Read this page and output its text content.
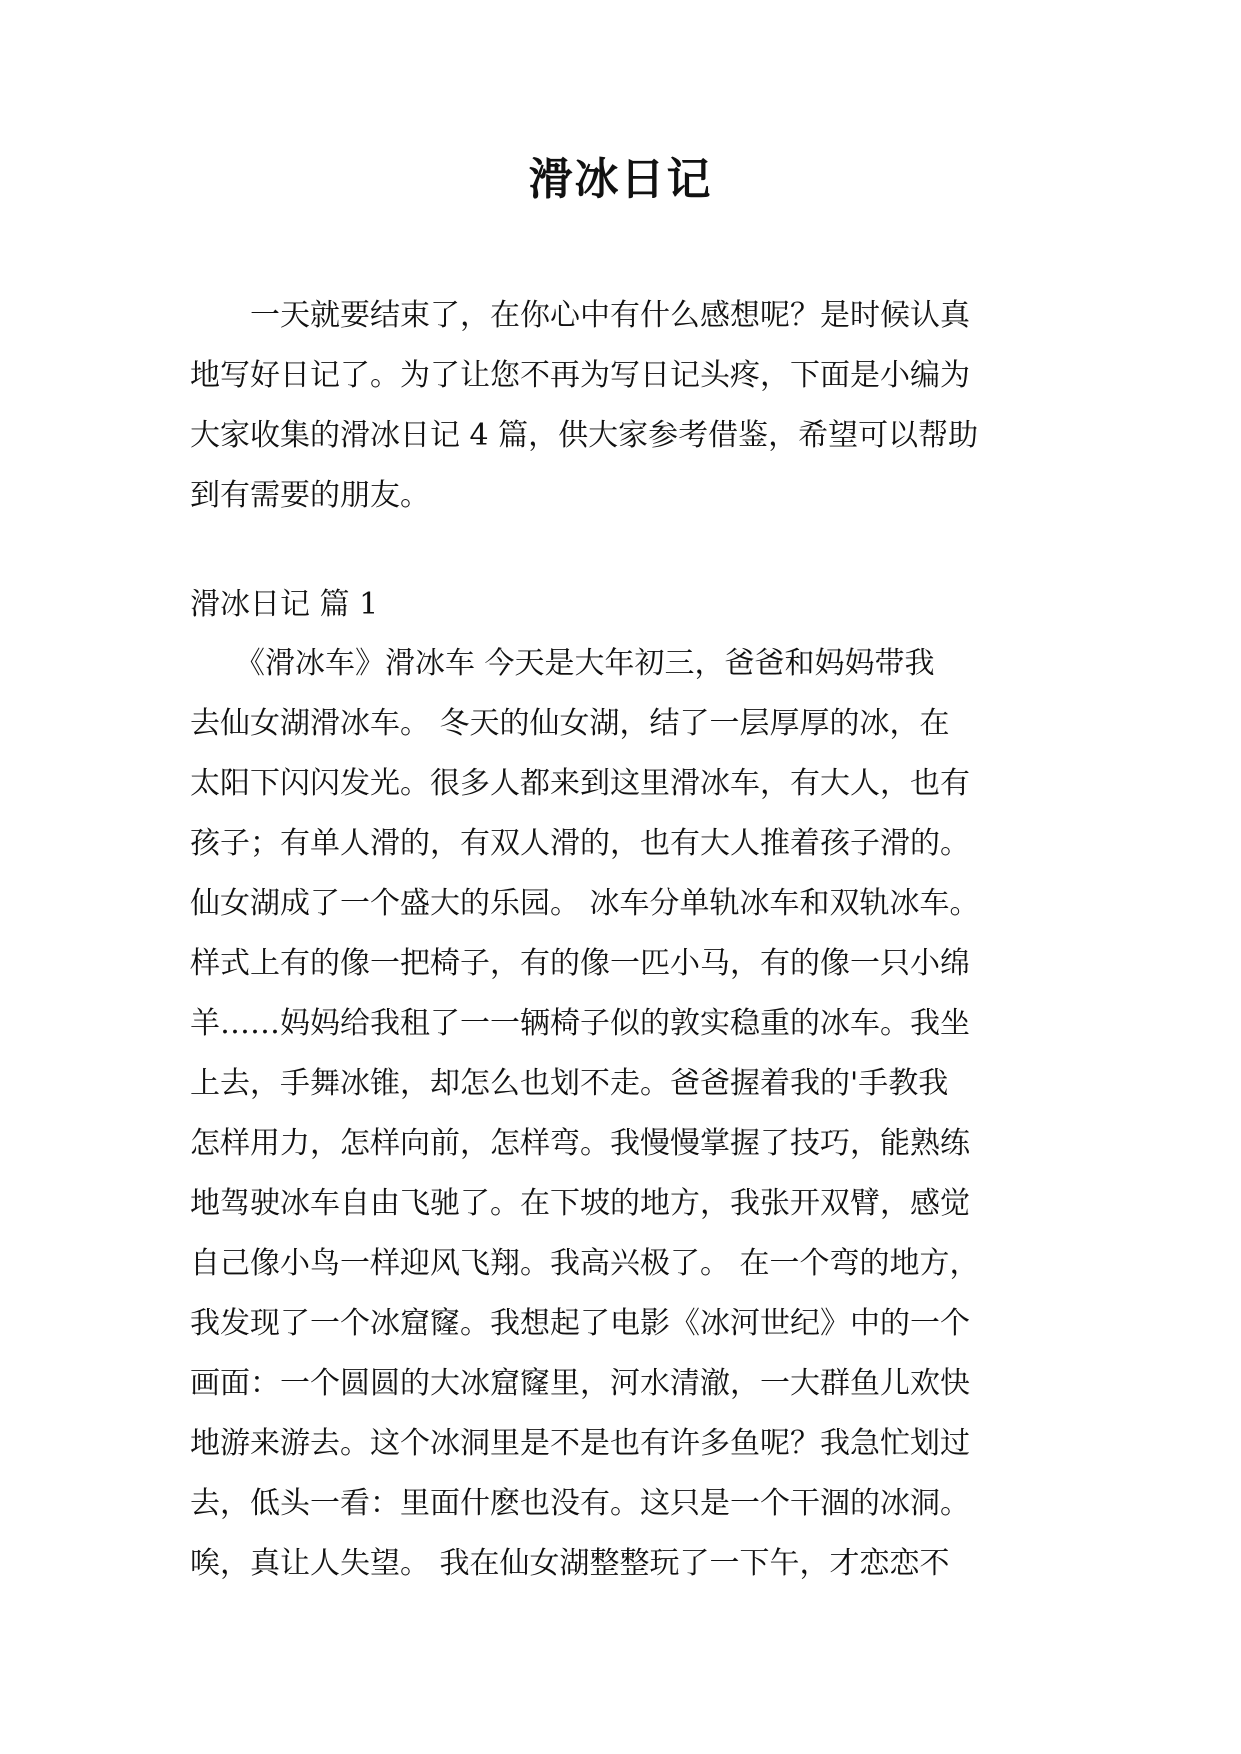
滑冰日记
　　一天就要结束了，在你心中有什么感想呢？是时候认真
地写好日记了。为了让您不再为写日记头疼，下面是小编为
大家收集的滑冰日记 4 篇，供大家参考借鉴，希望可以帮助
到有需要的朋友。
滑冰日记 篇 1
　　《滑冰车》滑冰车 今天是大年初三，爸爸和妈妈带我
去仙女湖滑冰车。 冬天的仙女湖，结了一层厚厚的冰，在
太阳下闪闪发光。很多人都来到这里滑冰车，有大人，也有
孩子；有单人滑的，有双人滑的，也有大人推着孩子滑的。
仙女湖成了一个盛大的乐园。 冰车分单轨冰车和双轨冰车。
样式上有的像一把椅子，有的像一匹小马，有的像一只小绵
羊……妈妈给我租了一一辆椅子似的敦实稳重的冰车。我坐
上去，手舞冰锥，却怎么也划不走。爸爸握着我的'手教我
怎样用力，怎样向前，怎样弯。我慢慢掌握了技巧，能熟练
地驾驶冰车自由飞驰了。在下坡的地方，我张开双臂，感觉
自己像小鸟一样迎风飞翔。我高兴极了。 在一个弯的地方，
我发现了一个冰窟窿。我想起了电影《冰河世纪》中的一个
画面：一个圆圆的大冰窟窿里，河水清澈，一大群鱼儿欢快
地游来游去。这个冰洞里是不是也有许多鱼呢？我急忙划过
去，低头一看：里面什麽也没有。这只是一个干涸的冰洞。
唉，真让人失望。 我在仙女湖整整玩了一下午，才恋恋不
